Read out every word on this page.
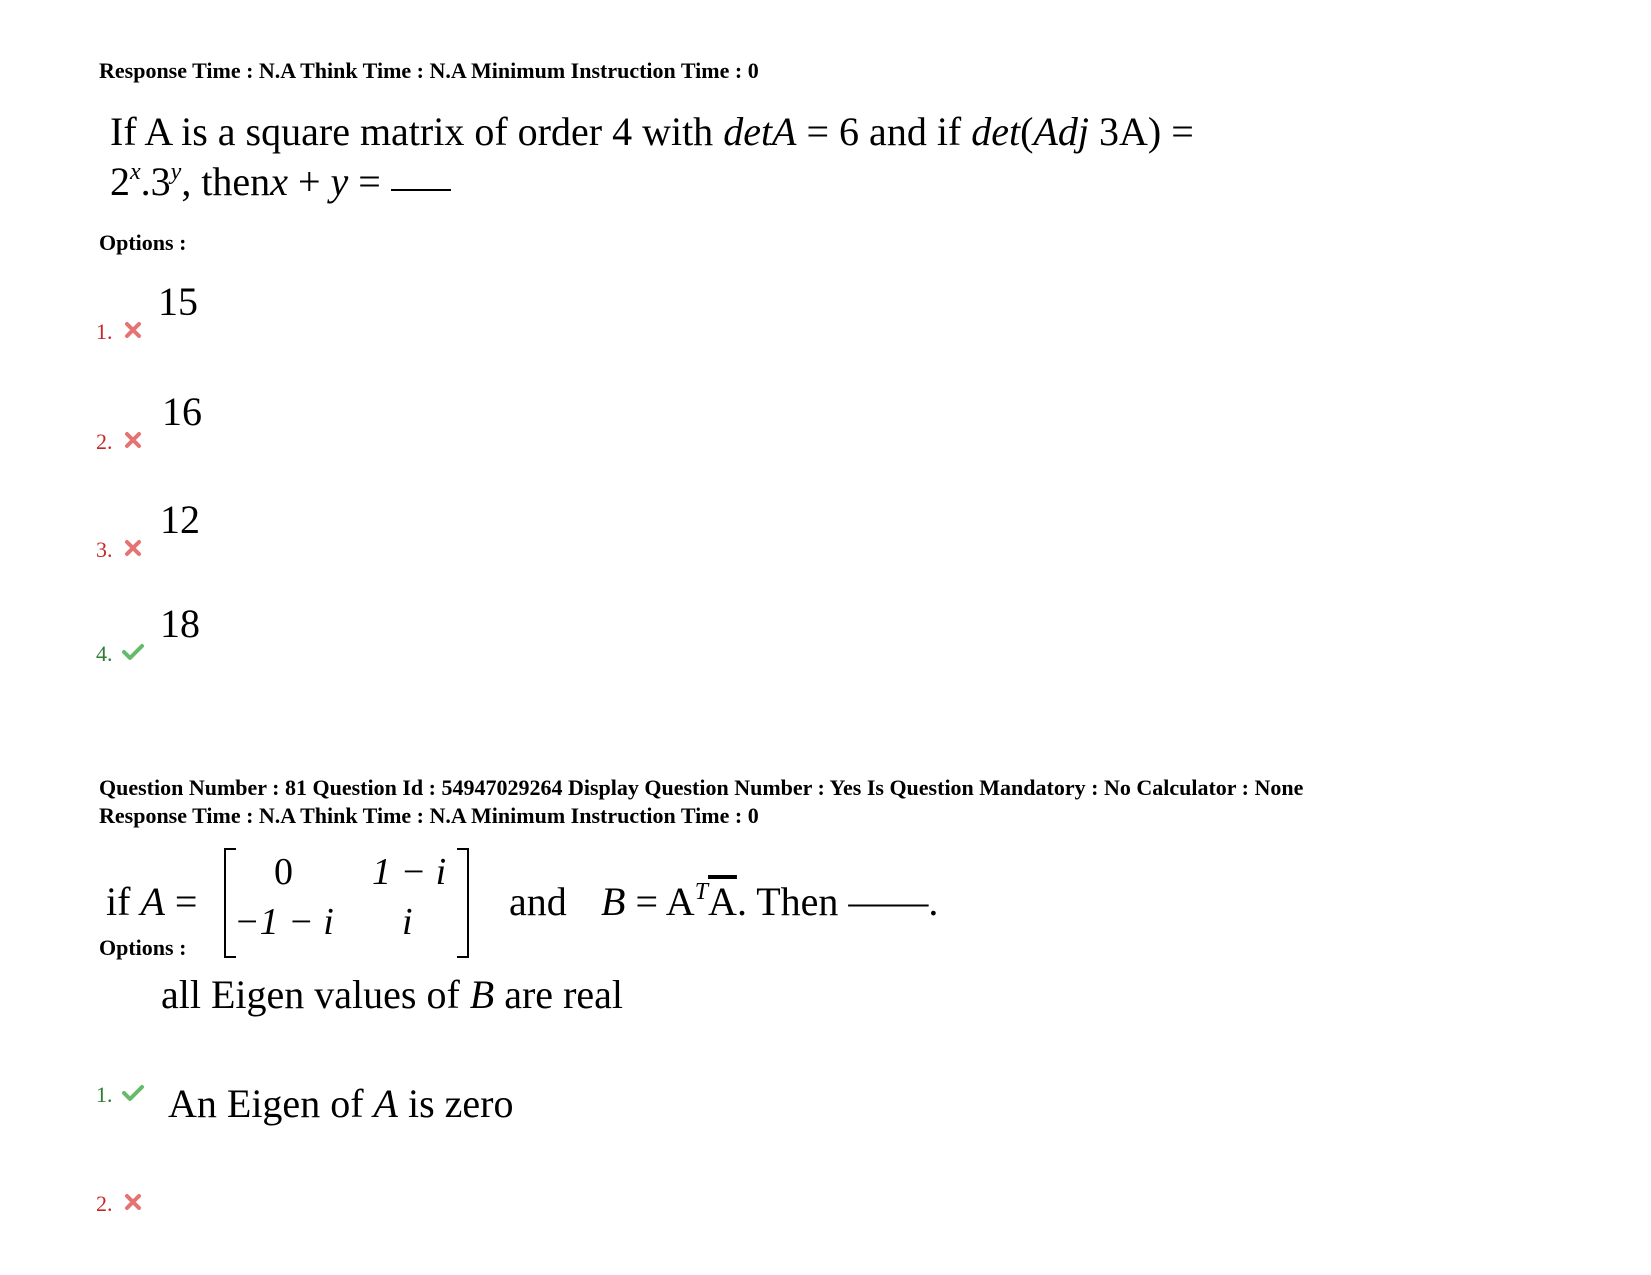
Response Time : N.A Think Time : N.A Minimum Instruction Time : 0
If A is a square matrix of order 4 with detA = 6 and if det(Adj 3A) =
$2^x.3^y$, thenx + y =
Options :
1.
15
2.
16
3.
12
4.
18
Question Number : 81 Question Id : 54947029264 Display Question Number : Yes Is Question Mandatory : No Calculator : None
Response Time : N.A Think Time : N.A Minimum Instruction Time : 0
if A =
0 1 − i
−1 − i i and $B = A^T\overline{A}$. Then ——.
Options :
1.
all Eigen values of B are real
2.
An Eigen of A is zero
